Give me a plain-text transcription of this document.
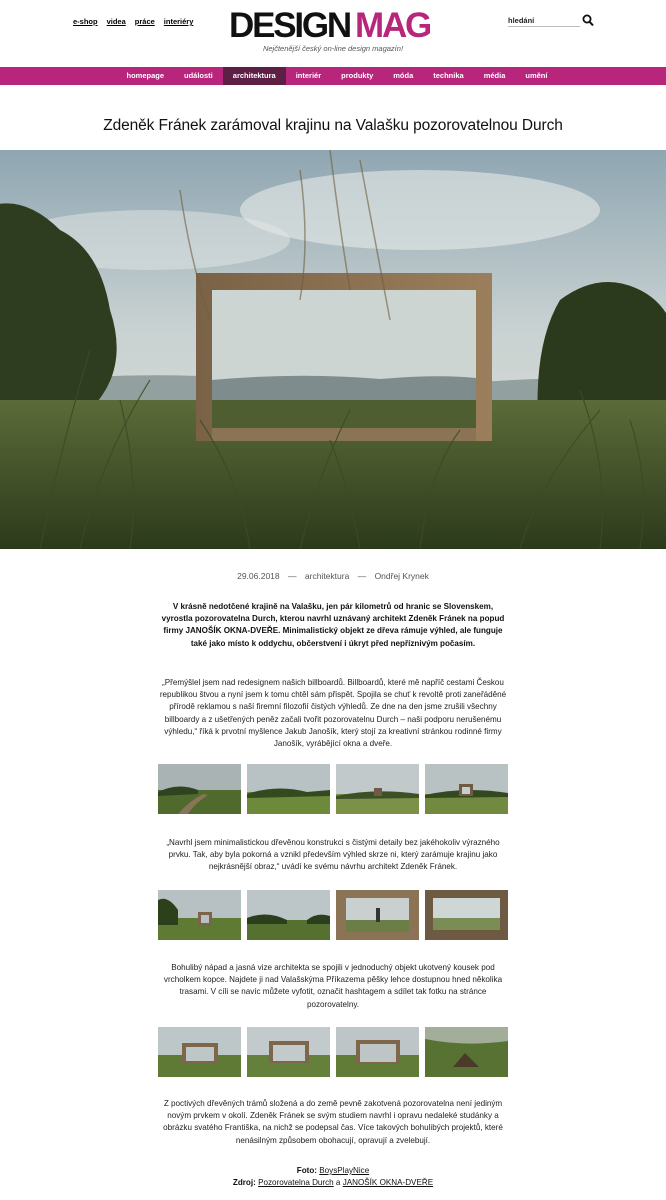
e-shop videa práce interiéry DESIGN MAG
Nejčtenější český on-line design magazín!
hledání
homepage	události	architektura	interiér	produkty	móda	technika	média	umění
Zdeněk Fránek zarámoval krajinu na Valašku pozorovatelnou Durch
29.06.2018 — architektura — Ondřej Krynek

V krásně nedotčené krajině na Valašku, jen pár kilometrů od hranic se Slovenskem, vyrostla pozorovatelna Durch, kterou navrhl uznávaný architekt Zdeněk Fránek na popud firmy JANOŠÍK OKNA-DVEŘE. Minimalistický objekt ze dřeva rámuje výhled, ale funguje také jako místo k oddychu, občerstvení i úkryt před nepříznivým počasím.

„Přemýšlel jsem nad redesignem našich billboardů. Billboardů, které mě napříč cestami Českou republikou štvou a nyní jsem k tomu chtěl sám přispět. Spojila se chuť k revoltě proti zaneřáděné přírodě reklamou s naší firemní filozofií čistých výhledů. Ze dne na den jsme zrušili všechny billboardy a z ušetřených peněz začali tvořit pozorovatelnu Durch – naši podporu nerušenému výhledu,“ říká k prvotní myšlence Jakub Janošík, který stojí za kreativní stránkou rodinné firmy Janošík, vyrábějící okna a dveře.

„Navrhl jsem minimalistickou dřevěnou konstrukci s čistými detaily bez jakéhokoliv výrazného prvku. Tak, aby byla pokorná a vznikl především výhled skrze ni, který zarámuje krajinu jako nejkrásnější obraz,“ uvádí ke svému návrhu architekt Zdeněk Fránek.

Bohulibý nápad a jasná vize architekta se spojili v jednoduchý objekt ukotvený kousek pod vrcholkem kopce. Najdete ji nad Valašskýma Příkazema pěšky lehce dostupnou hned několika trasami. V cíli se navíc můžete vyfotit, označit hashtagem a sdílet tak fotku na stránce pozorovatelny.

Z poctivých dřevěných trámů složená a do země pevně zakotvená pozorovatelna není jediným novým prvkem v okolí. Zdeněk Fránek se svým studiem navrhl i opravu nedaleké studánky a obrázku svatého Františka, na nichž se podepsal čas. Více takových bohulibých projektů, které nenásilným způsobem obohacují, opravují a zvelebují.

Foto: BoysPlayNice
Zdroj: Pozorovatelna Durch a JANOŠÍK OKNA-DVEŘE
